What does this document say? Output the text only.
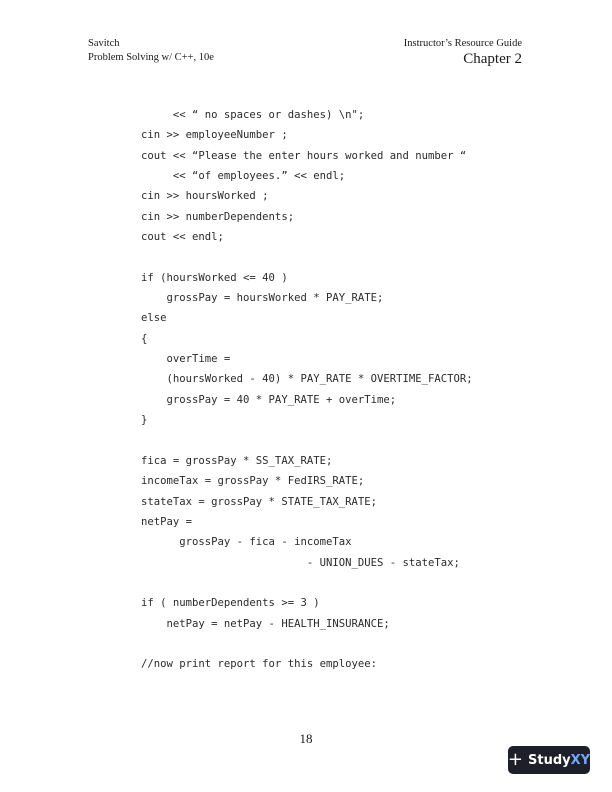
Savitch
Problem Solving w/ C++, 10e
Instructor’s Resource Guide
Chapter 2
<< “ no spaces or dashes) \n";
cin >> employeeNumber ;
cout << “Please the enter hours worked and number “
<< “of employees.” << endl;
cin >> hoursWorked ;
cin >> numberDependents;
cout << endl;
if (hoursWorked <= 40 )
grossPay = hoursWorked * PAY_RATE;
else
{
overTime =
(hoursWorked - 40) * PAY_RATE * OVERTIME_FACTOR;
grossPay = 40 * PAY_RATE + overTime;
}
fica = grossPay * SS_TAX_RATE;
incomeTax = grossPay * FedIRS_RATE;
stateTax = grossPay * STATE_TAX_RATE;
netPay =
grossPay - fica - incomeTax
- UNION_DUES - stateTax;
if ( numberDependents >= 3 )
netPay = netPay - HEALTH_INSURANCE;
//now print report for this employee:
18
+ StudyXY
